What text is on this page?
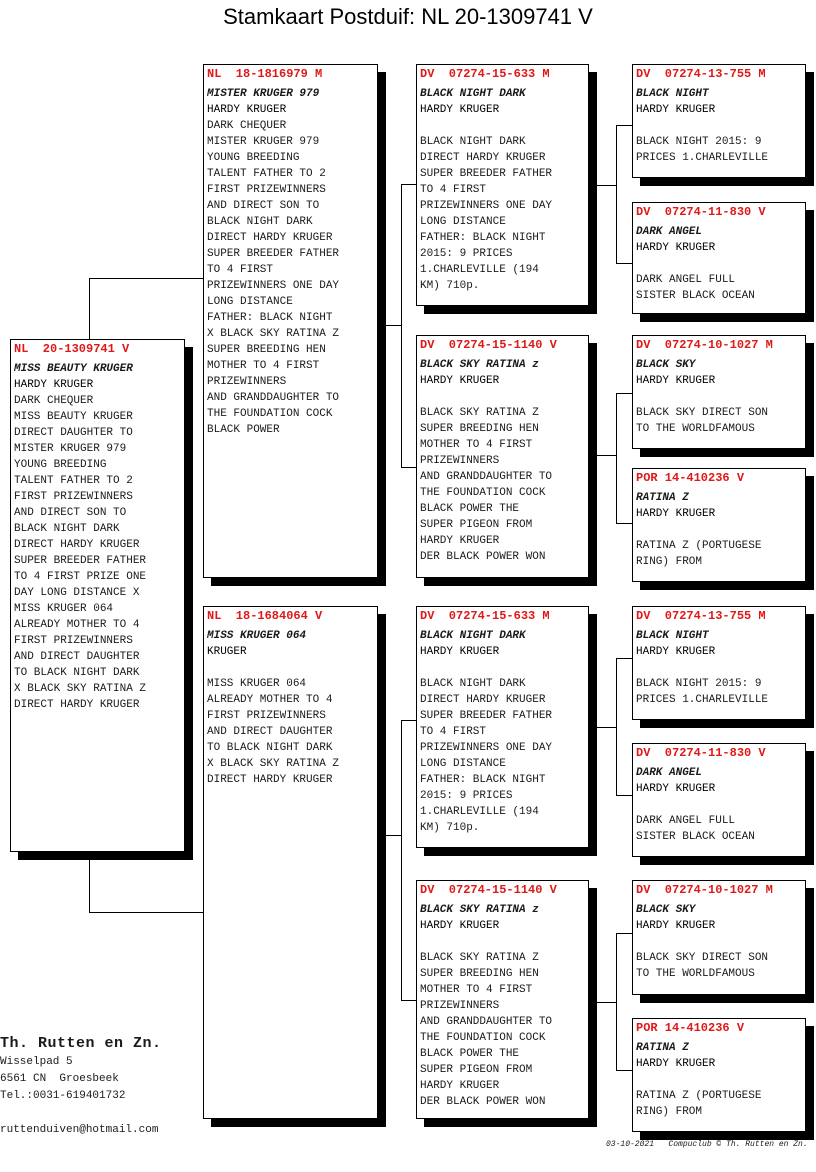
Stamkaart Postduif: NL 20-1309741 V
NL  20-1309741 V
MISS BEAUTY KRUGER
HARDY KRUGER
DARK CHEQUER
MISS BEAUTY KRUGER
DIRECT DAUGHTER TO
MISTER KRUGER 979
YOUNG BREEDING
TALENT FATHER TO 2
FIRST PRIZEWINNERS
AND DIRECT SON TO
BLACK NIGHT DARK
DIRECT HARDY KRUGER
SUPER BREEDER FATHER
TO 4 FIRST PRIZE ONE
DAY LONG DISTANCE X
MISS KRUGER 064
ALREADY MOTHER TO 4
FIRST PRIZEWINNERS
AND DIRECT DAUGHTER
TO BLACK NIGHT DARK
X BLACK SKY RATINA Z
DIRECT HARDY KRUGER
NL  18-1816979 M
MISTER KRUGER 979
HARDY KRUGER
DARK CHEQUER
MISTER KRUGER 979
YOUNG BREEDING
TALENT FATHER TO 2
FIRST PRIZEWINNERS
AND DIRECT SON TO
BLACK NIGHT DARK
DIRECT HARDY KRUGER
SUPER BREEDER FATHER
TO 4 FIRST
PRIZEWINNERS ONE DAY
LONG DISTANCE
FATHER: BLACK NIGHT
X BLACK SKY RATINA Z
SUPER BREEDING HEN
MOTHER TO 4 FIRST
PRIZEWINNERS
AND GRANDDAUGHTER TO
THE FOUNDATION COCK
BLACK POWER
NL  18-1684064 V
MISS KRUGER 064
KRUGER
MISS KRUGER 064
ALREADY MOTHER TO 4
FIRST PRIZEWINNERS
AND DIRECT DAUGHTER
TO BLACK NIGHT DARK
X BLACK SKY RATINA Z
DIRECT HARDY KRUGER
DV  07274-15-633 M
BLACK NIGHT DARK
HARDY KRUGER
BLACK NIGHT DARK
DIRECT HARDY KRUGER
SUPER BREEDER FATHER
TO 4 FIRST
PRIZEWINNERS ONE DAY
LONG DISTANCE
FATHER: BLACK NIGHT
2015: 9 PRICES
1.CHARLEVILLE (194
KM) 710p.
DV  07274-15-1140 V
BLACK SKY RATINA z
HARDY KRUGER
BLACK SKY RATINA Z
SUPER BREEDING HEN
MOTHER TO 4 FIRST
PRIZEWINNERS
AND GRANDDAUGHTER TO
THE FOUNDATION COCK
BLACK POWER THE
SUPER PIGEON FROM
HARDY KRUGER
DER BLACK POWER WON
DV  07274-15-633 M
BLACK NIGHT DARK
HARDY KRUGER
BLACK NIGHT DARK
DIRECT HARDY KRUGER
SUPER BREEDER FATHER
TO 4 FIRST
PRIZEWINNERS ONE DAY
LONG DISTANCE
FATHER: BLACK NIGHT
2015: 9 PRICES
1.CHARLEVILLE (194
KM) 710p.
DV  07274-15-1140 V
BLACK SKY RATINA z
HARDY KRUGER
BLACK SKY RATINA Z
SUPER BREEDING HEN
MOTHER TO 4 FIRST
PRIZEWINNERS
AND GRANDDAUGHTER TO
THE FOUNDATION COCK
BLACK POWER THE
SUPER PIGEON FROM
HARDY KRUGER
DER BLACK POWER WON
DV  07274-13-755 M
BLACK NIGHT
HARDY KRUGER
BLACK NIGHT 2015: 9
PRICES 1.CHARLEVILLE
DV  07274-11-830 V
DARK ANGEL
HARDY KRUGER
DARK ANGEL FULL
SISTER BLACK OCEAN
DV  07274-10-1027 M
BLACK SKY
HARDY KRUGER
BLACK SKY DIRECT SON
TO THE WORLDFAMOUS
POR 14-410236 V
RATINA Z
HARDY KRUGER
RATINA Z (PORTUGESE
RING) FROM
DV  07274-13-755 M
BLACK NIGHT
HARDY KRUGER
BLACK NIGHT 2015: 9
PRICES 1.CHARLEVILLE
DV  07274-11-830 V
DARK ANGEL
HARDY KRUGER
DARK ANGEL FULL
SISTER BLACK OCEAN
DV  07274-10-1027 M
BLACK SKY
HARDY KRUGER
BLACK SKY DIRECT SON
TO THE WORLDFAMOUS
POR 14-410236 V
RATINA Z
HARDY KRUGER
RATINA Z (PORTUGESE
RING) FROM
Th. Rutten en Zn.
Wisselpad 5
6561 CN  Groesbeek
Tel.:0031-619401732
ruttenduiven@hotmail.com
03-10-2021 Compuclub © Th. Rutten en Zn.
